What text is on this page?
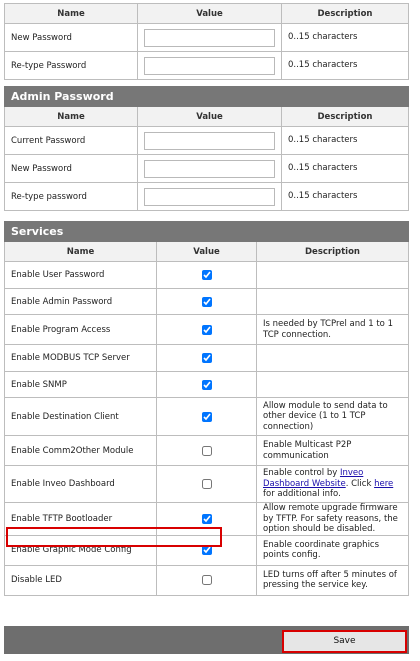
Name	Value	Description
New Password		0..15 characters
Re-type Password		0..15 characters
Admin Password		
Name	Value	Description
Current Password		0..15 characters
New Password		0..15 characters
Re-type password		0..15 characters
Services		
Name	Value	Description
Enable User Password	

Enable Admin Password	

Enable Program Access		Is needed by TCPrel and 1 to 1 TCP connection.
Enable MODBUS TCP Server	

Enable SNMP	

Enable Destination Client		Allow module to send data to other device (1 to 1 TCP connection)
Enable Comm2Other Module		Enable Multicast P2P communication
Enable Inveo Dashboard		Enable control by Inveo Dashboard Website. Click here for additional info.
Enable TFTP Bootloader		Allow remote upgrade firmware by TFTP. For safety reasons, the option should be disabled.
Enable Graphic Mode Config		Enable coordinate graphics points config.
Disable LED		LED turns off after 5 minutes of pressing the service key.
Save
